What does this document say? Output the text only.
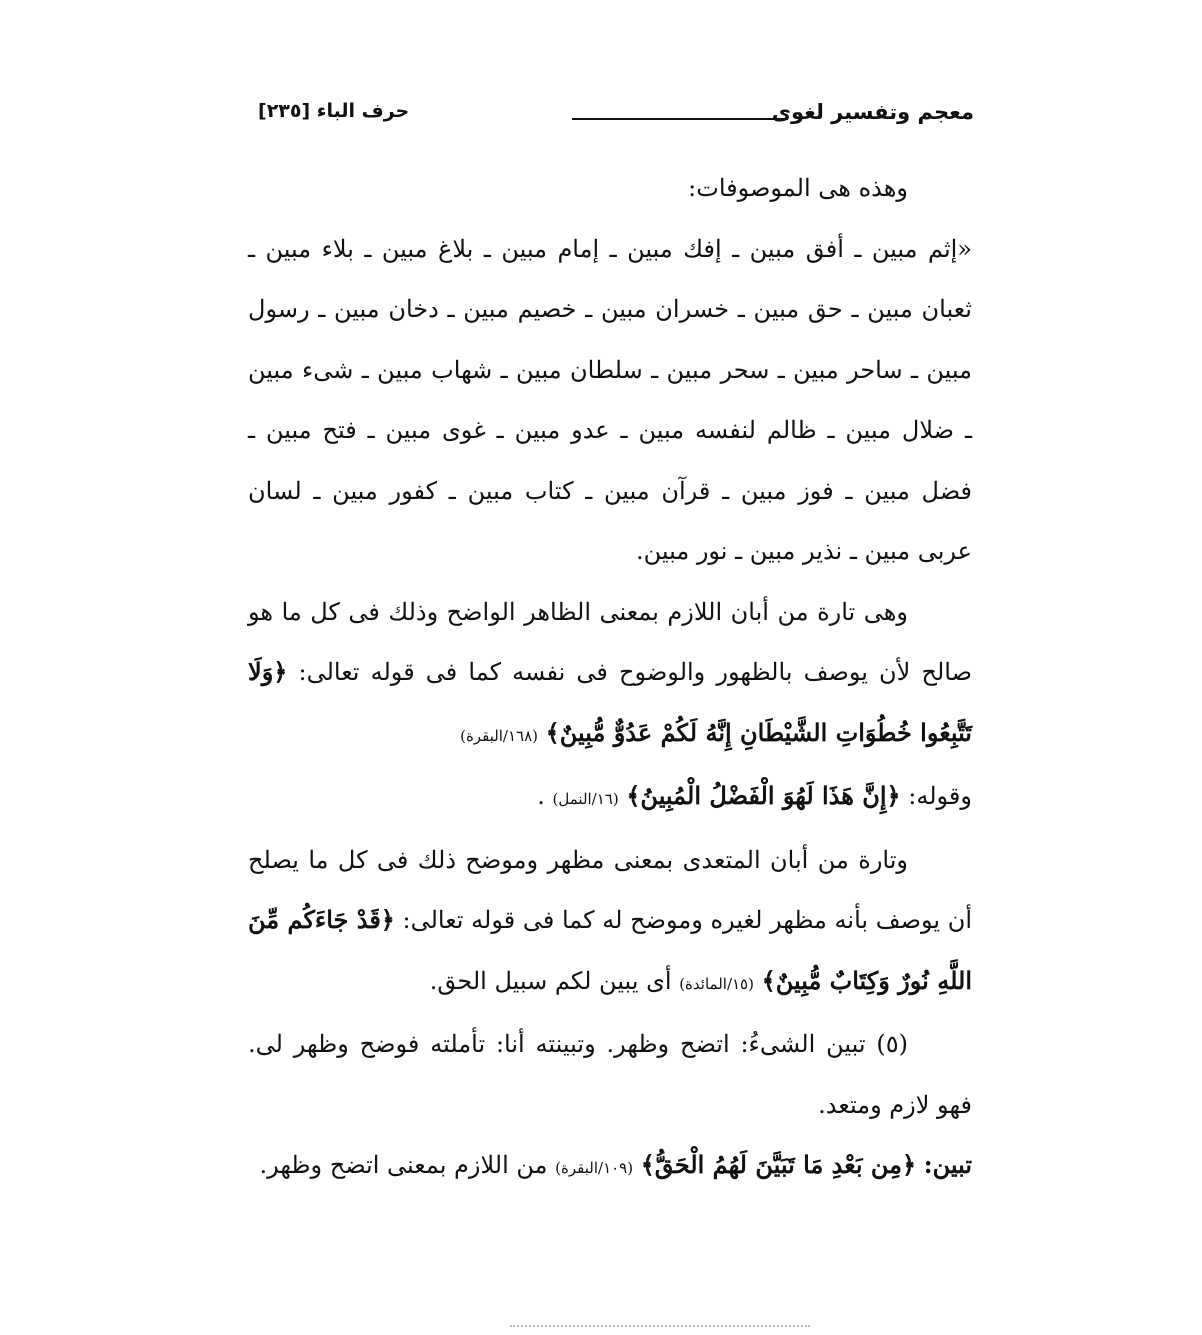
معجم وتفسير لغوى
حرف الباء [٢٣٥]

وهذه هى الموصوفات:

«إثم مبين ـ أفق مبين ـ إفك مبين ـ إمام مبين ـ بلاغ مبين ـ بلاء مبين ـ ثعبان مبين ـ حق مبين ـ خسران مبين ـ خصيم مبين ـ دخان مبين ـ رسول مبين ـ ساحر مبين ـ سحر مبين ـ سلطان مبين ـ شهاب مبين ـ شىء مبين ـ ضلال مبين ـ ظالم لنفسه مبين ـ عدو مبين ـ غوى مبين ـ فتح مبين ـ فضل مبين ـ فوز مبين ـ قرآن مبين ـ كتاب مبين ـ كفور مبين ـ لسان عربى مبين ـ نذير مبين ـ نور مبين.

وهى تارة من أبان اللازم بمعنى الظاهر الواضح وذلك فى كل ما هو صالح لأن يوصف بالظهور والوضوح فى نفسه كما فى قوله تعالى: ﴿وَلَا تَتَّبِعُوا خُطُوَاتِ الشَّيْطَانِ إِنَّهُ لَكُمْ عَدُوٌّ مُّبِينٌ﴾ (١٦٨/البقرة)

وقوله: ﴿إِنَّ هَذَا لَهُوَ الْفَضْلُ الْمُبِينُ﴾ (١٦/النمل) .

وتارة من أبان المتعدى بمعنى مظهر وموضح ذلك فى كل ما يصلح أن يوصف بأنه مظهر لغيره وموضح له كما فى قوله تعالى: ﴿قَدْ جَاءَكُم مِّنَ اللَّهِ نُورٌ وَكِتَابٌ مُّبِينٌ﴾ (١٥/المائدة) أى يبين لكم سبيل الحق.

(٥) تبين الشىءُ: اتضح وظهر. وتبينته أنا: تأملته فوضح وظهر لى. فهو لازم ومتعد.

تبين: ﴿مِن بَعْدِ مَا تَبَيَّنَ لَهُمُ الْحَقُّ﴾ (١٠٩/البقرة) من اللازم بمعنى اتضح وظهر.
